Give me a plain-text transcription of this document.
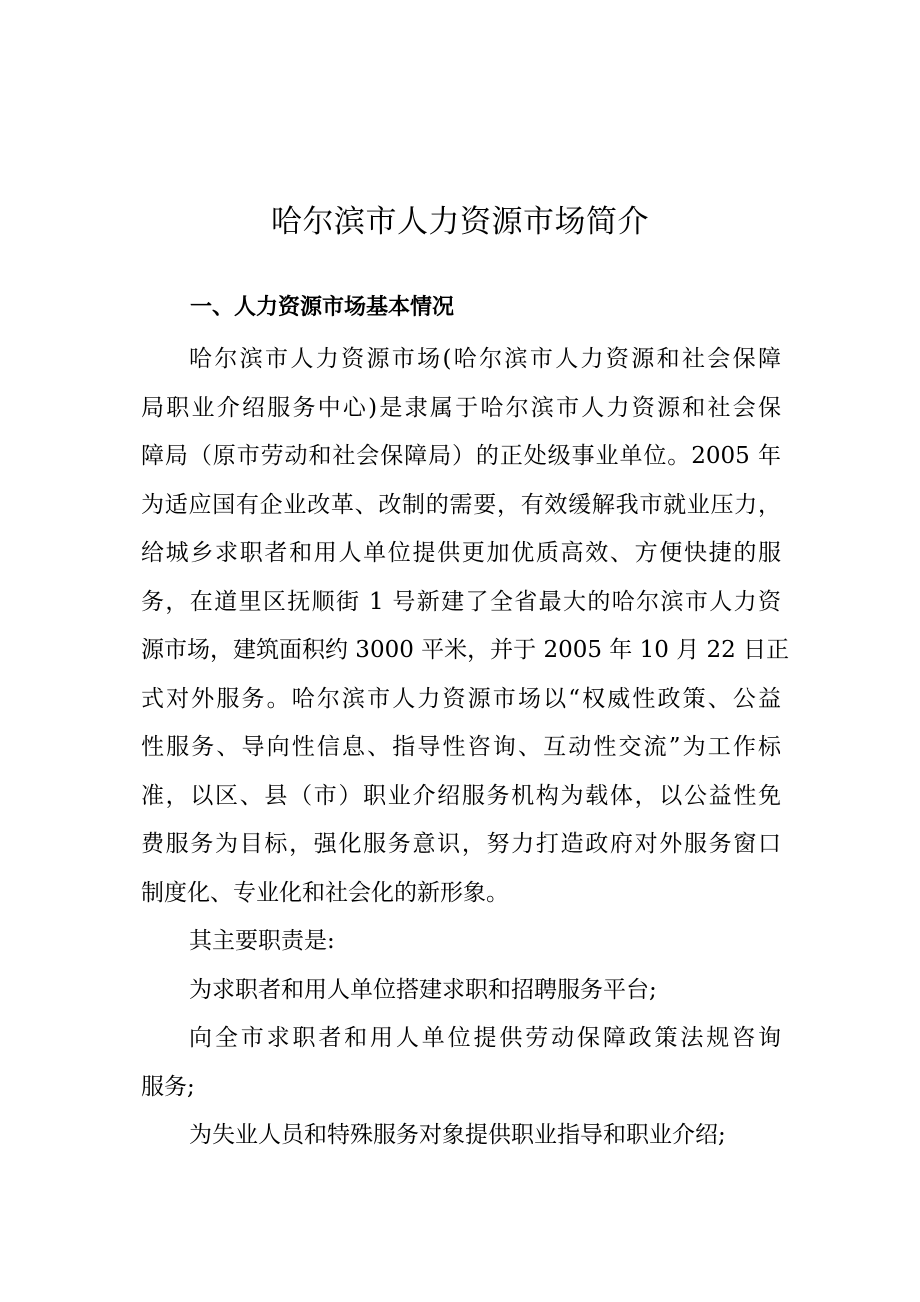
哈尔滨市人力资源市场简介
一、人力资源市场基本情况
哈尔滨市人力资源市场(哈尔滨市人力资源和社会保障
局职业介绍服务中心)是隶属于哈尔滨市人力资源和社会保
障局（原市劳动和社会保障局）的正处级事业单位。2005 年
为适应国有企业改革、改制的需要，有效缓解我市就业压力，
给城乡求职者和用人单位提供更加优质高效、方便快捷的服
务，在道里区抚顺街 1 号新建了全省最大的哈尔滨市人力资
源市场，建筑面积约 3000 平米，并于 2005 年 10 月 22 日正
式对外服务。哈尔滨市人力资源市场以“权威性政策、公益
性服务、导向性信息、指导性咨询、互动性交流”为工作标
准，以区、县（市）职业介绍服务机构为载体，以公益性免
费服务为目标，强化服务意识，努力打造政府对外服务窗口
制度化、专业化和社会化的新形象。
其主要职责是:
为求职者和用人单位搭建求职和招聘服务平台;
向全市求职者和用人单位提供劳动保障政策法规咨询
服务;
为失业人员和特殊服务对象提供职业指导和职业介绍;
